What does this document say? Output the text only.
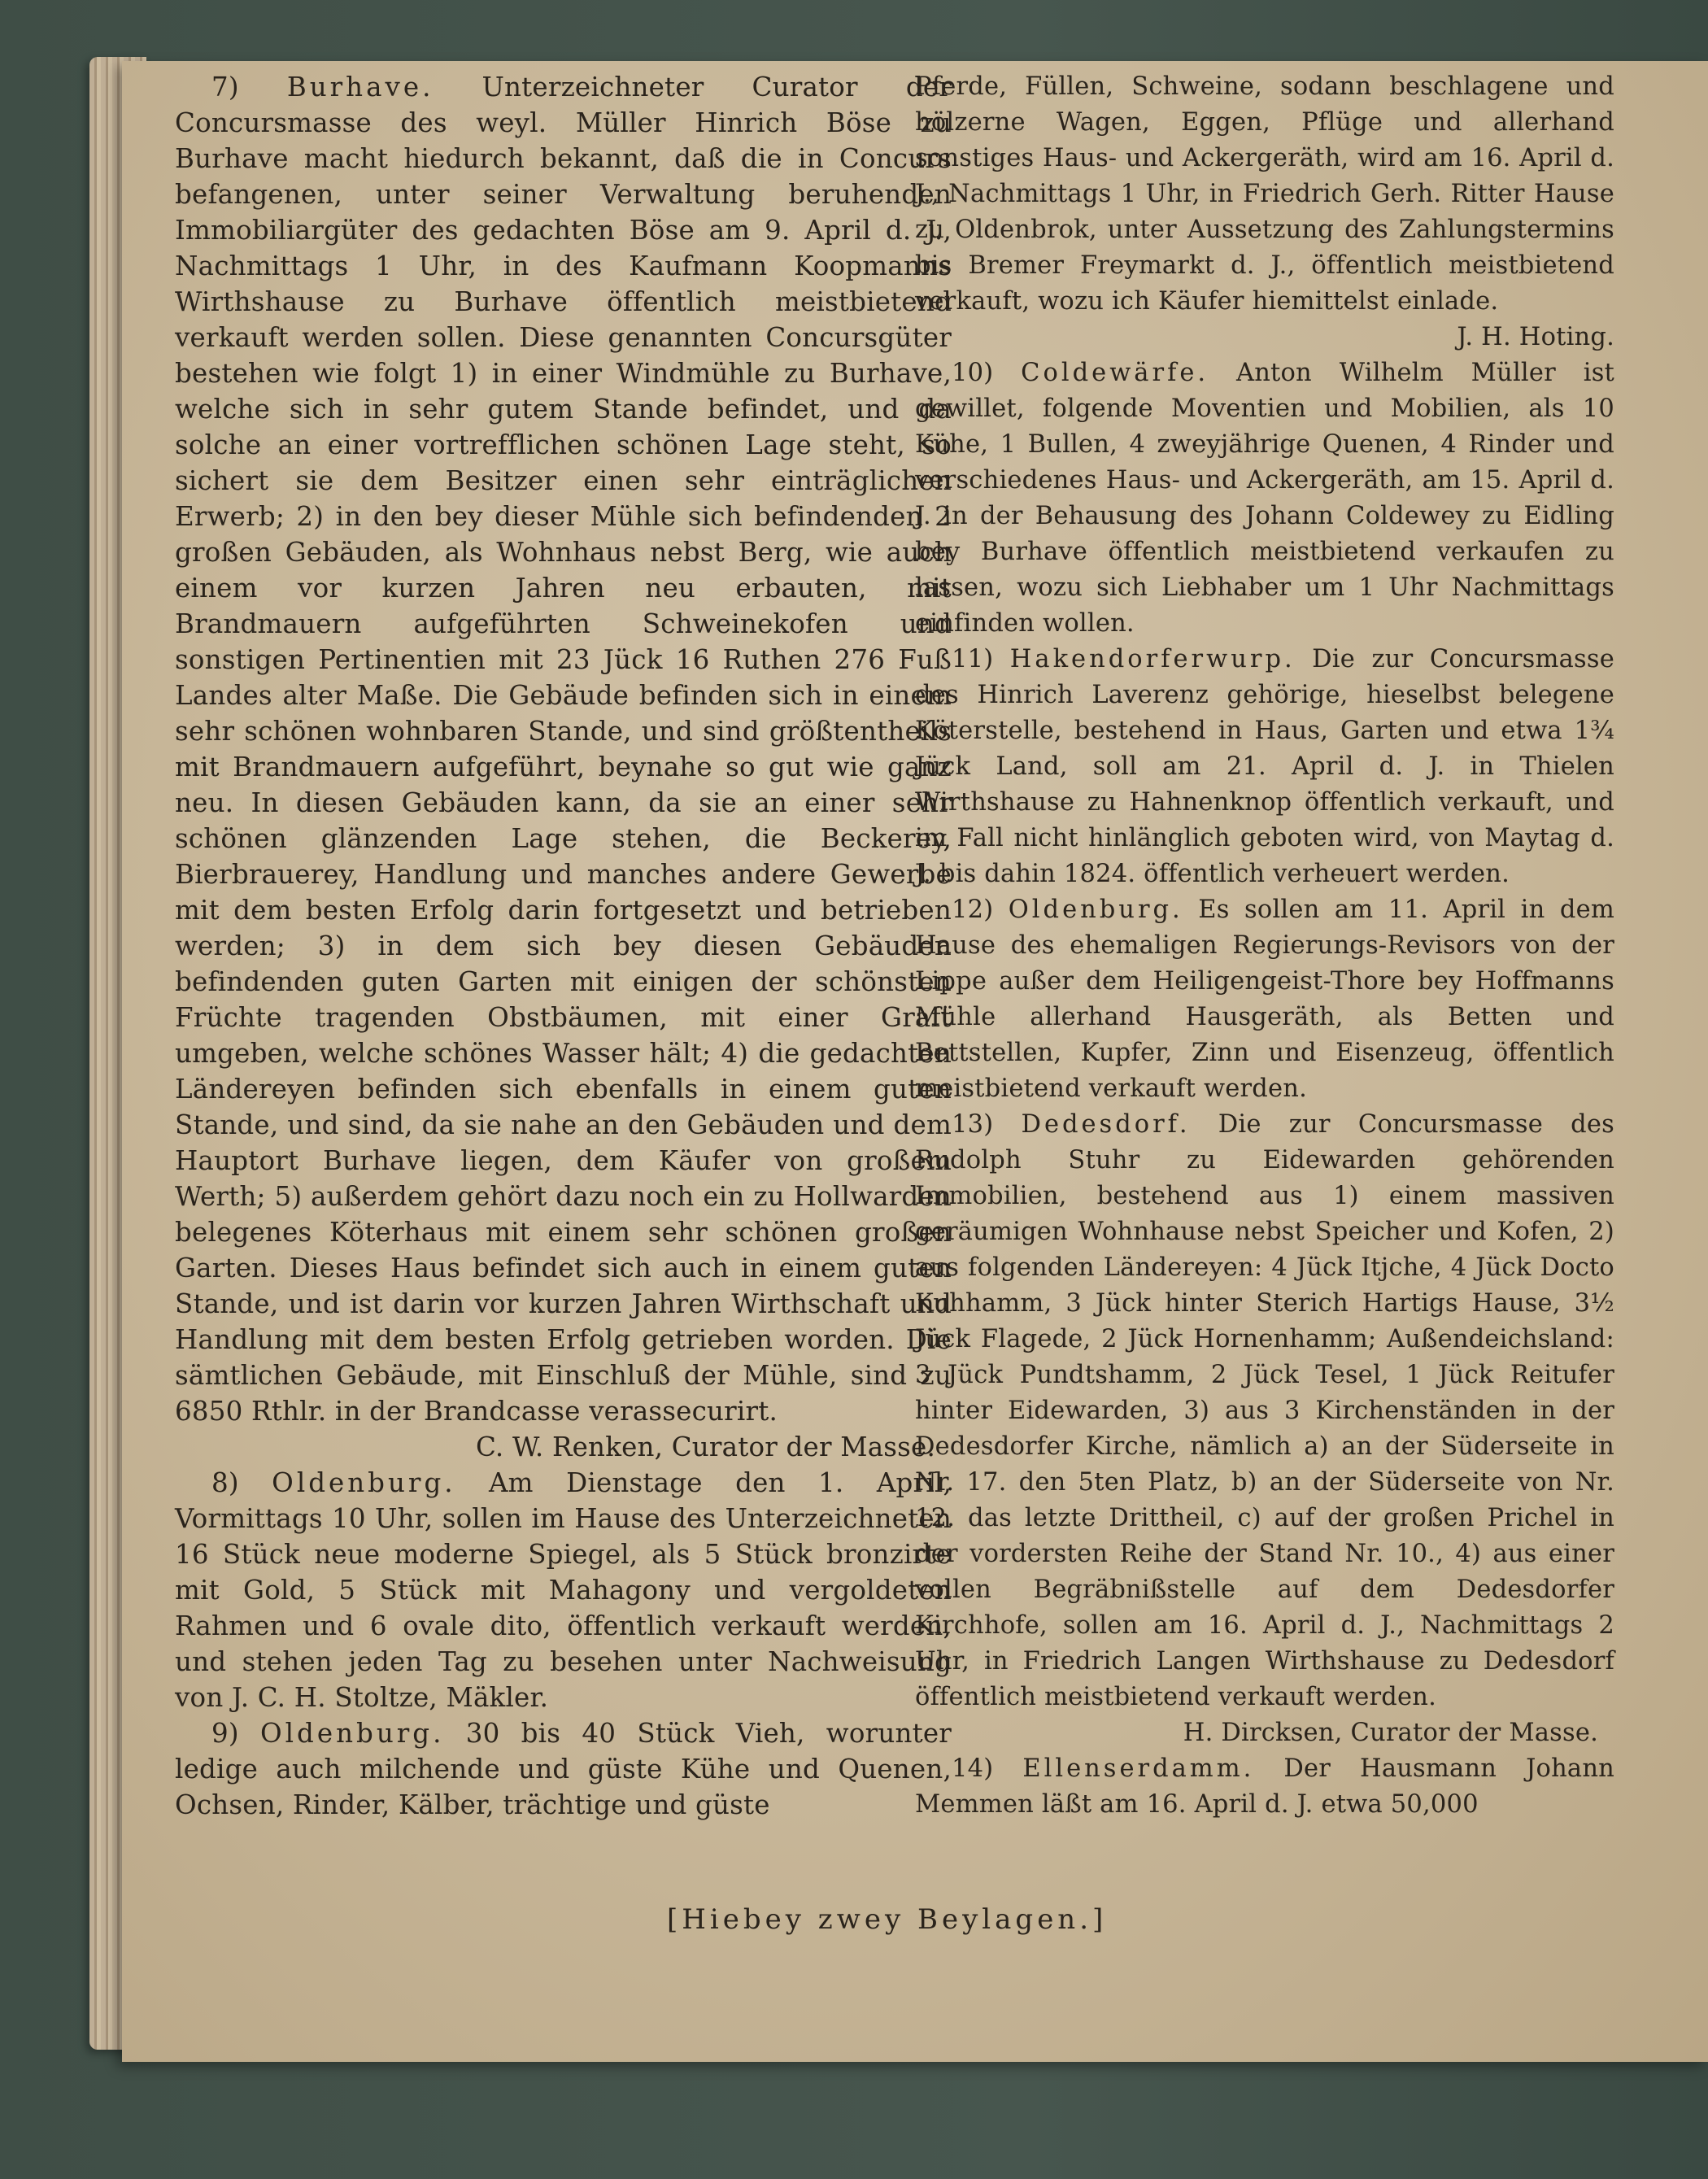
7) Burhave. Unterzeichneter Curator der Concursmasse des weyl. Müller Hinrich Böse zu Burhave macht hiedurch bekannt, daß die in Concurs befangenen, unter seiner Verwaltung beruhenden Immobiliargüter des gedachten Böse am 9. April d. J., Nachmittags 1 Uhr, in des Kaufmann Koopmanns Wirthshause zu Burhave öffentlich meistbietend verkauft werden sollen. Diese genannten Concursgüter bestehen wie folgt 1) in einer Windmühle zu Burhave, welche sich in sehr gutem Stande befindet, und da solche an einer vortrefflichen schönen Lage steht, so sichert sie dem Besitzer einen sehr einträglichen Erwerb; 2) in den bey dieser Mühle sich befindenden 2 großen Gebäuden, als Wohnhaus nebst Berg, wie auch einem vor kurzen Jahren neu erbauten, mit Brandmauern aufgeführten Schweinekofen und sonstigen Pertinentien mit 23 Jück 16 Ruthen 276 Fuß Landes alter Maße. Die Gebäude befinden sich in einem sehr schönen wohnbaren Stande, und sind größtentheils mit Brandmauern aufgeführt, beynahe so gut wie ganz neu. In diesen Gebäuden kann, da sie an einer sehr schönen glänzenden Lage stehen, die Beckerey, Bierbrauerey, Handlung und manches andere Gewerbe mit dem besten Erfolg darin fortgesetzt und betrieben werden; 3) in dem sich bey diesen Gebäuden befindenden guten Garten mit einigen der schönsten Früchte tragenden Obstbäumen, mit einer Graft umgeben, welche schönes Wasser hält; 4) die gedachten Ländereyen befinden sich ebenfalls in einem guten Stande, und sind, da sie nahe an den Gebäuden und dem Hauptort Burhave liegen, dem Käufer von großem Werth; 5) außerdem gehört dazu noch ein zu Hollwarden belegenes Köterhaus mit einem sehr schönen großen Garten. Dieses Haus befindet sich auch in einem guten Stande, und ist darin vor kurzen Jahren Wirthschaft und Handlung mit dem besten Erfolg getrieben worden. Die sämtlichen Gebäude, mit Einschluß der Mühle, sind zu 6850 Rthlr. in der Brandcasse verassecurirt.
C. W. Renken, Curator der Masse.

8) Oldenburg. Am Dienstage den 1. April, Vormittags 10 Uhr, sollen im Hause des Unterzeichneten 16 Stück neue moderne Spiegel, als 5 Stück bronzirte mit Gold, 5 Stück mit Mahagony und vergoldeten Rahmen und 6 ovale dito, öffentlich verkauft werden, und stehen jeden Tag zu besehen unter Nachweisung von J. C. H. Stoltze, Mäkler.

9) Oldenburg. 30 bis 40 Stück Vieh, worunter ledige auch milchende und güste Kühe und Quenen, Ochsen, Rinder, Kälber, trächtige und güste

Pferde, Füllen, Schweine, sodann beschlagene und hölzerne Wagen, Eggen, Pflüge und allerhand sonstiges Haus- und Ackergeräth, wird am 16. April d. J., Nachmittags 1 Uhr, in Friedrich Gerh. Ritter Hause zu Oldenbrok, unter Aussetzung des Zahlungstermins bis Bremer Freymarkt d. J., öffentlich meistbietend verkauft, wozu ich Käufer hiemittelst einlade.
J. H. Hoting.

10) Coldewärfe. Anton Wilhelm Müller ist gewillet, folgende Moventien und Mobilien, als 10 Kühe, 1 Bullen, 4 zweyjährige Quenen, 4 Rinder und verschiedenes Haus- und Ackergeräth, am 15. April d. J. in der Behausung des Johann Coldewey zu Eidling bey Burhave öffentlich meistbietend verkaufen zu lassen, wozu sich Liebhaber um 1 Uhr Nachmittags einfinden wollen.

11) Hakendorferwurp. Die zur Concursmasse des Hinrich Laverenz gehörige, hieselbst belegene Köterstelle, bestehend in Haus, Garten und etwa 1¾ Jück Land, soll am 21. April d. J. in Thielen Wirthshause zu Hahnenknop öffentlich verkauft, und im Fall nicht hinlänglich geboten wird, von Maytag d. J. bis dahin 1824. öffentlich verheuert werden.

12) Oldenburg. Es sollen am 11. April in dem Hause des ehemaligen Regierungs-Revisors von der Lippe außer dem Heiligengeist-Thore bey Hoffmanns Mühle allerhand Hausgeräth, als Betten und Bettstellen, Kupfer, Zinn und Eisenzeug, öffentlich meistbietend verkauft werden.

13) Dedesdorf. Die zur Concursmasse des Rudolph Stuhr zu Eidewarden gehörenden Immobilien, bestehend aus 1) einem massiven geräumigen Wohnhause nebst Speicher und Kofen, 2) aus folgenden Ländereyen: 4 Jück Itjche, 4 Jück Docto Kuhhamm, 3 Jück hinter Sterich Hartigs Hause, 3½ Jück Flagede, 2 Jück Hornenhamm; Außendeichsland: 3 Jück Pundtshamm, 2 Jück Tesel, 1 Jück Reitufer hinter Eidewarden, 3) aus 3 Kirchenständen in der Dedesdorfer Kirche, nämlich a) an der Süderseite in Nr. 17. den 5ten Platz, b) an der Süderseite von Nr. 12. das letzte Drittheil, c) auf der großen Prichel in der vordersten Reihe der Stand Nr. 10., 4) aus einer vollen Begräbnißstelle auf dem Dedesdorfer Kirchhofe, sollen am 16. April d. J., Nachmittags 2 Uhr, in Friedrich Langen Wirthshause zu Dedesdorf öffentlich meistbietend verkauft werden.
H. Dircksen, Curator der Masse.

14) Ellenserdamm. Der Hausmann Johann Memmen läßt am 16. April d. J. etwa 50,000

[Hiebey zwey Beylagen.]
